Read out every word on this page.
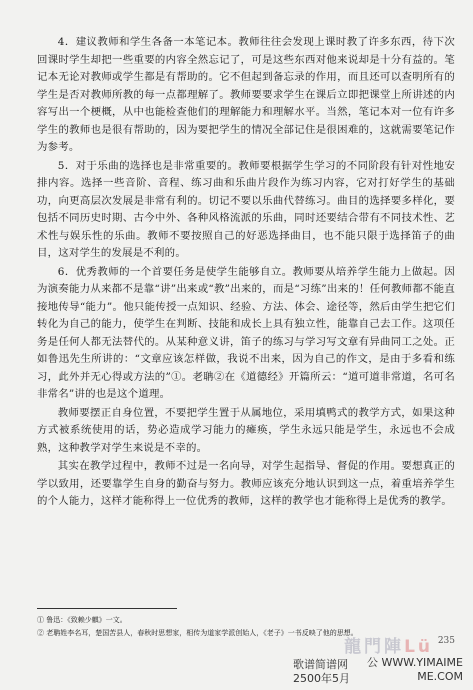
4．建议教师和学生各备一本笔记本。教师往往会发现上课时教了许多东西，待下次回课时学生却把一些重要的内容全然忘记了，可是这些东西对他来说却是十分有益的。笔记本无论对教师或学生都是有帮助的。它不但起到备忘录的作用，而且还可以查明所有的学生是否对教师所教的每一点都理解了。教师要要求学生在课后立即把课堂上所讲述的内容写出一个梗概，从中也能检查他们的理解能力和理解水平。当然，笔记本对一位有许多学生的教师也是很有帮助的，因为要把学生的情况全部记住是很困难的，这就需要笔记作为参考。

5．对于乐曲的选择也是非常重要的。教师要根据学生学习的不同阶段有针对性地安排内容。选择一些音阶、音程、练习曲和乐曲片段作为练习内容，它对打好学生的基础功，向更高层次发展是非常有利的。切记不要以乐曲代替练习。曲目的选择要多样化，要包括不同历史时期、古今中外、各种风格流派的乐曲，同时还要结合带有不同技术性、艺术性与娱乐性的乐曲。教师不要按照自己的好恶选择曲目，也不能只限于选择笛子的曲目，这对学生的发展是不利的。

6．优秀教师的一个首要任务是使学生能够自立。教师要从培养学生能力上做起。因为演奏能力从来都不是靠“讲”出来或“教”出来的，而是“习练”出来的！任何教师都不能直接地传导“能力”。他只能传授一点知识、经验、方法、体会、途径等，然后由学生把它们转化为自己的能力，使学生在判断、技能和成长上具有独立性，能靠自己去工作。这项任务是任何人都无法替代的。从某种意义讲，笛子的练习与学习写文章有异曲同工之处。正如鲁迅先生所讲的：“文章应该怎样做，我说不出来，因为自己的作文，是由于多看和练习，此外并无心得或方法的”①。老聃②在《道德经》开篇所云：“道可道非常道，名可名非常名”讲的也是这个道理。

教师要摆正自身位置，不要把学生置于从属地位，采用填鸭式的教学方式，如果这种方式被系统使用的话，势必造成学习能力的瘫痪，学生永远只能是学生，永远也不会成熟，这种教学对学生来说是不幸的。

其实在教学过程中，教师不过是一名向导，对学生起指导、督促的作用。要想真正的学以致用，还要靠学生自身的勤奋与努力。教师应该充分地认识到这一点，着重培养学生的个人能力，这样才能称得上一位优秀的教师，这样的教学也才能称得上是优秀的教学。

① 鲁迅：《致赖少麒》一文。

② 老聃姓李名耳，楚国苦县人，春秋时思想家，相传为道家学派创始人，《老子》一书反映了他的思想。

龍門陣Lü 235
歌谱简谱网 公 WWW.YIMAIME
2500年5月	ME.COM
